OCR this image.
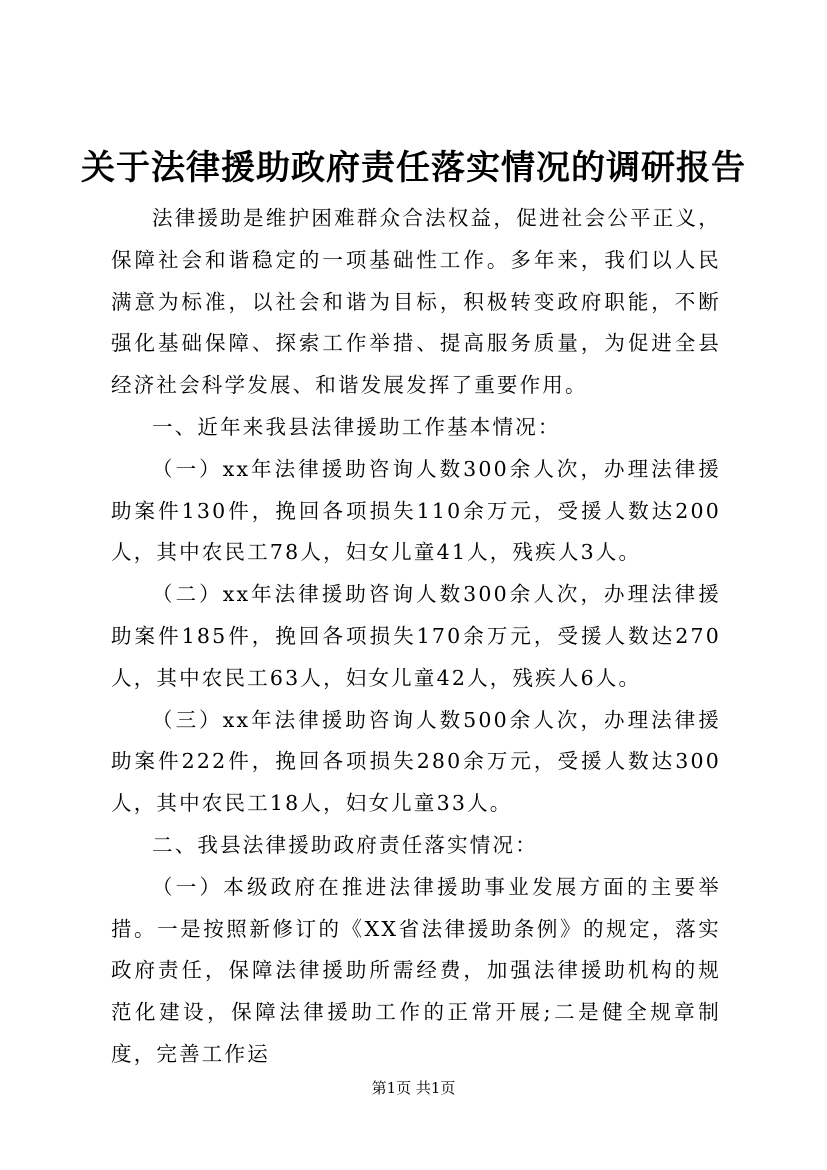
关于法律援助政府责任落实情况的调研报告

法律援助是维护困难群众合法权益，促进社会公平正义，保障社会和谐稳定的一项基础性工作。多年来，我们以人民满意为标准，以社会和谐为目标，积极转变政府职能，不断强化基础保障、探索工作举措、提高服务质量，为促进全县经济社会科学发展、和谐发展发挥了重要作用。

一、近年来我县法律援助工作基本情况：

（一）xx年法律援助咨询人数300余人次，办理法律援助案件130件，挽回各项损失110余万元，受援人数达200人，其中农民工78人，妇女儿童41人，残疾人3人。

（二）xx年法律援助咨询人数300余人次，办理法律援助案件185件，挽回各项损失170余万元，受援人数达270人，其中农民工63人，妇女儿童42人，残疾人6人。

（三）xx年法律援助咨询人数500余人次，办理法律援助案件222件，挽回各项损失280余万元，受援人数达300人，其中农民工18人，妇女儿童33人。

二、我县法律援助政府责任落实情况：

（一）本级政府在推进法律援助事业发展方面的主要举措。一是按照新修订的《XX省法律援助条例》的规定，落实政府责任，保障法律援助所需经费，加强法律援助机构的规范化建设，保障法律援助工作的正常开展;二是健全规章制度，完善工作运

第1页 共1页
